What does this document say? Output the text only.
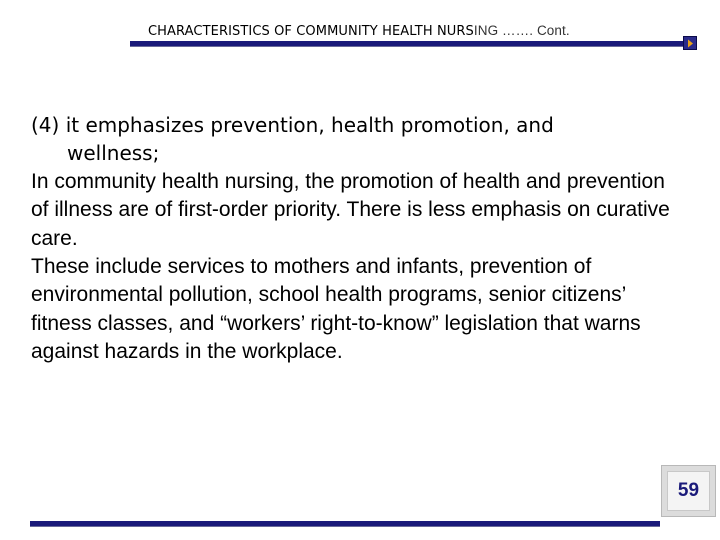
CHARACTERISTICS OF COMMUNITY HEALTH NURSING ……. Cont.

(4) it emphasizes prevention, health promotion, and
wellness;

In community health nursing, the promotion of health and prevention of illness are of first-order priority. There is less emphasis on curative care.

These include services to mothers and infants, prevention of environmental pollution, school health programs, senior citizens’ fitness classes, and “workers’ right-to-know” legislation that warns against hazards in the workplace.

59
